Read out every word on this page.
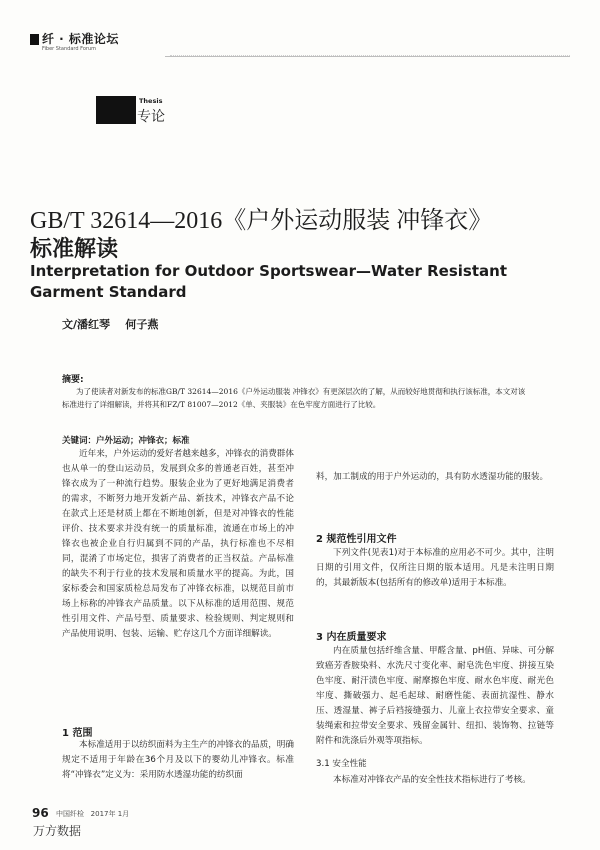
纤 · 标准论坛
Fiber Standard Forum
Thesis
专论
GB/T 32614—2016《户外运动服装 冲锋衣》
标准解读
Interpretation for Outdoor Sportswear—Water Resistant
Garment Standard
文/潘红琴    何子燕
摘要:
为了使读者对新发布的标准GB/T 32614—2016《户外运动服装 冲锋衣》有更深层次的了解，从而较好地贯彻和执行该标准，本文对该标准进行了详细解读，并将其和FZ/T 81007—2012《单、夹服装》在色牢度方面进行了比较。
关键词：户外运动；冲锋衣；标准

近年来，户外运动的爱好者越来越多，冲锋衣的消费群体也从单一的登山运动员，发展到众多的普通老百姓，甚至冲锋衣成为了一种流行趋势。服装企业为了更好地满足消费者的需求，不断努力地开发新产品、新技术，冲锋衣产品不论在款式上还是材质上都在不断地创新，但是对冲锋衣的性能评价、技术要求并没有统一的质量标准，流通在市场上的冲锋衣也被企业自行归属到不同的产品，执行标准也不尽相同，混淆了市场定位，损害了消费者的正当权益。产品标准的缺失不利于行业的技术发展和质量水平的提高。为此，国家标委会和国家质检总局发布了冲锋衣标准，以规范目前市场上标称的冲锋衣产品质量。以下从标准的适用范围、规范性引用文件、产品号型、质量要求、检验规则、判定规则和产品使用说明、包装、运输、贮存这几个方面详细解读。

1 范围

本标准适用于以纺织面料为主生产的冲锋衣的品质，明确规定不适用于年龄在36个月及以下的婴幼儿冲锋衣。标准将“冲锋衣”定义为：采用防水透湿功能的纺织面

料，加工制成的用于户外运动的，具有防水透湿功能的服装。

2 规范性引用文件

下列文件(见表1)对于本标准的应用必不可少。其中，注明日期的引用文件，仅所注日期的版本适用。凡是未注明日期的，其最新版本(包括所有的修改单)适用于本标准。

3 内在质量要求

内在质量包括纤维含量、甲醛含量、pH值、异味、可分解致癌芳香胺染料、水洗尺寸变化率、耐皂洗色牢度、拼接互染色牢度、耐汗渍色牢度、耐摩擦色牢度、耐水色牢度、耐光色牢度、撕破强力、起毛起球、耐磨性能、表面抗湿性、静水压、透湿量、裤子后裆接缝强力、儿童上衣拉带安全要求、童装绳索和拉带安全要求、残留金属针、纽扣、装饰物、拉链等附件和洗涤后外观等项指标。

3.1 安全性能

本标准对冲锋衣产品的安全性技术指标进行了考核。

96 中国纤检   2017年 1月
万方数据
